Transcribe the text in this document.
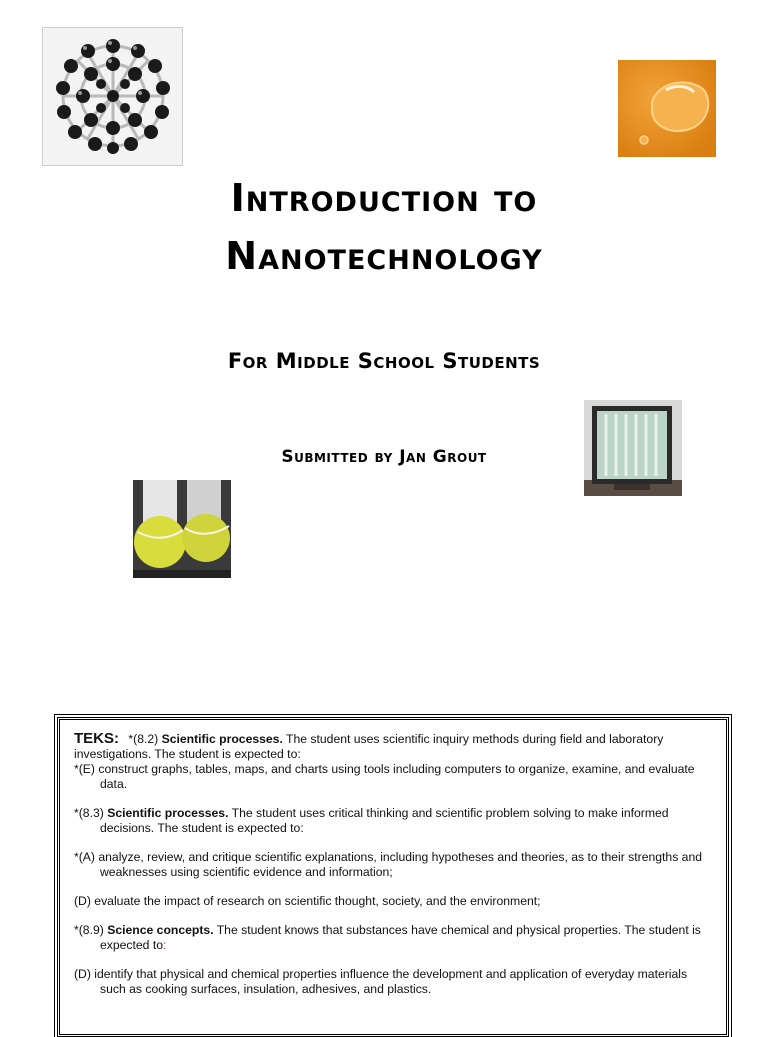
Introduction to
Nanotechnology
For Middle School Students
Submitted by Jan Grout

TEKS: *(8.2) Scientific processes. The student uses scientific inquiry methods during field and laboratory investigations. The student is expected to:

*(E) construct graphs, tables, maps, and charts using tools including computers to organize, examine, and evaluate data.

*(8.3) Scientific processes. The student uses critical thinking and scientific problem solving to make informed decisions. The student is expected to:

*(A) analyze, review, and critique scientific explanations, including hypotheses and theories, as to their strengths and weaknesses using scientific evidence and information;

(D) evaluate the impact of research on scientific thought, society, and the environment;

*(8.9) Science concepts. The student knows that substances have chemical and physical properties. The student is expected to:

(D) identify that physical and chemical properties influence the development and application of everyday materials such as cooking surfaces, insulation, adhesives, and plastics.
